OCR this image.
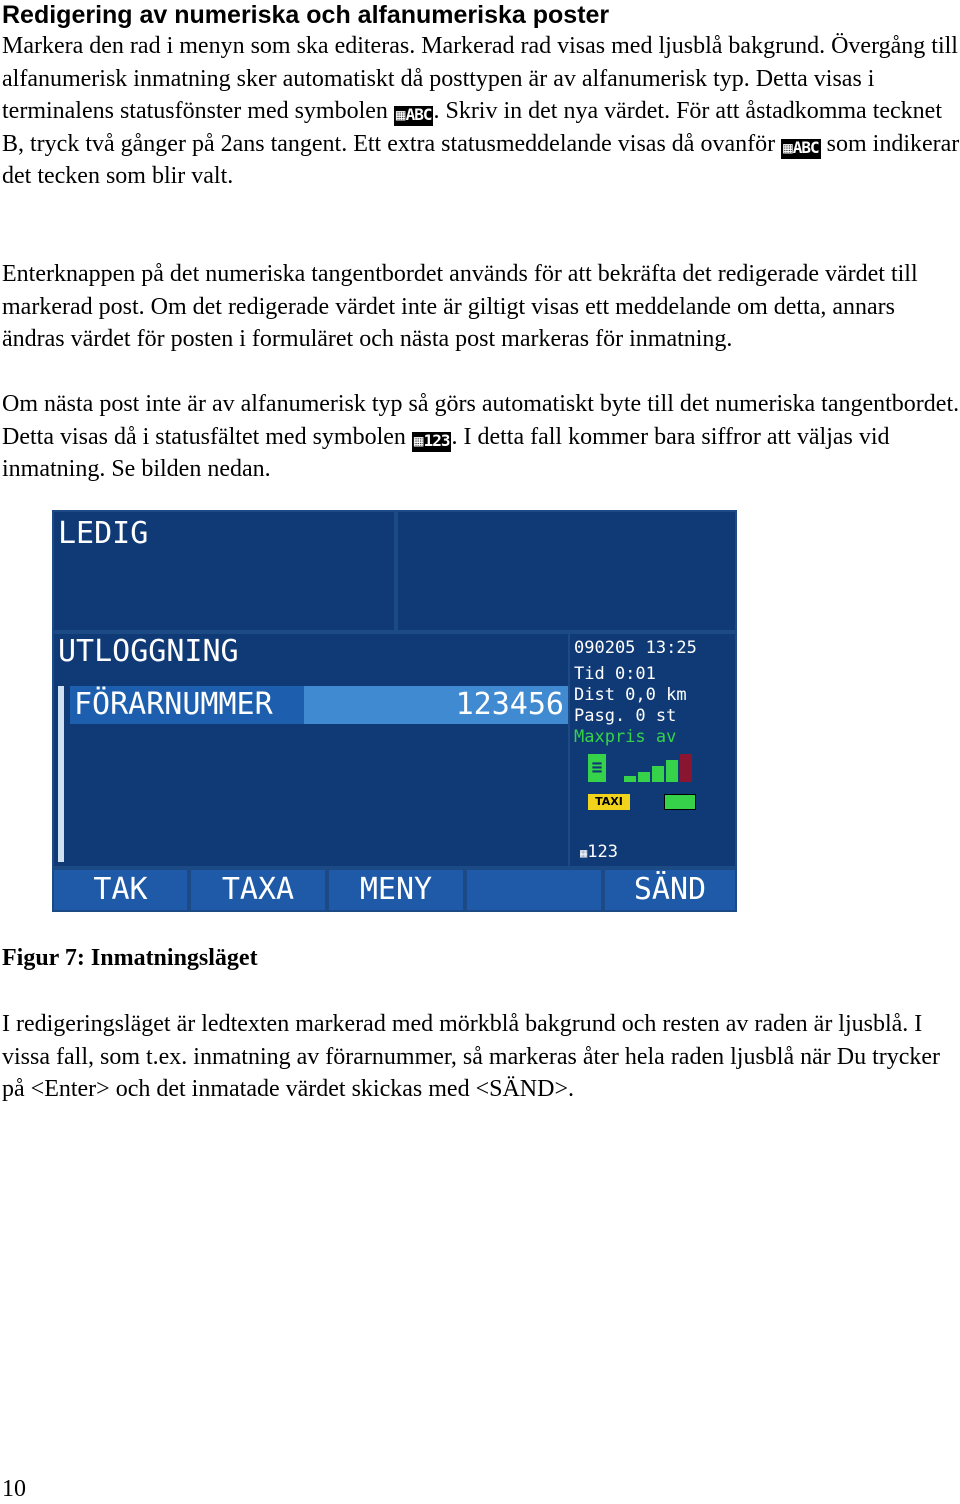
Redigering av numeriska och alfanumeriska poster

Markera den rad i menyn som ska editeras. Markerad rad visas med ljusblå bakgrund. Övergång till alfanumerisk inmatning sker automatiskt då posttypen är av alfanumerisk typ. Detta visas i terminalens statusfönster med symbolen ▦ ABC. Skriv in det nya värdet. För att åstadkomma tecknet B, tryck två gånger på 2ans tangent. Ett extra statusmeddelande visas då ovanför ▦ ABC som indikerar det tecken som blir valt.

Enterknappen på det numeriska tangentbordet används för att bekräfta det redigerade värdet till markerad post. Om det redigerade värdet inte är giltigt visas ett meddelande om detta, annars ändras värdet för posten i formuläret och nästa post markeras för inmatning.

Om nästa post inte är av alfanumerisk typ så görs automatiskt byte till det numeriska tangentbordet. Detta visas då i statusfältet med symbolen ▦ 123. I detta fall kommer bara siffror att väljas vid inmatning. Se bilden nedan.

LEDIG
UTLOGGNING
FÖRARNUMMER	123456
090205 13:25
Tid 0:01
Dist 0,0 km
Pasg. 0 st
Maxpris av
≡
TAXI
▦ 123
TAK	TAXA	MENY	SÄND

Figur 7: Inmatningsläget

I redigeringsläget är ledtexten markerad med mörkblå bakgrund och resten av raden är ljusblå. I vissa fall, som t.ex. inmatning av förarnummer, så markeras åter hela raden ljusblå när Du trycker på <Enter> och det inmatade värdet skickas med <SÄND>.

10
